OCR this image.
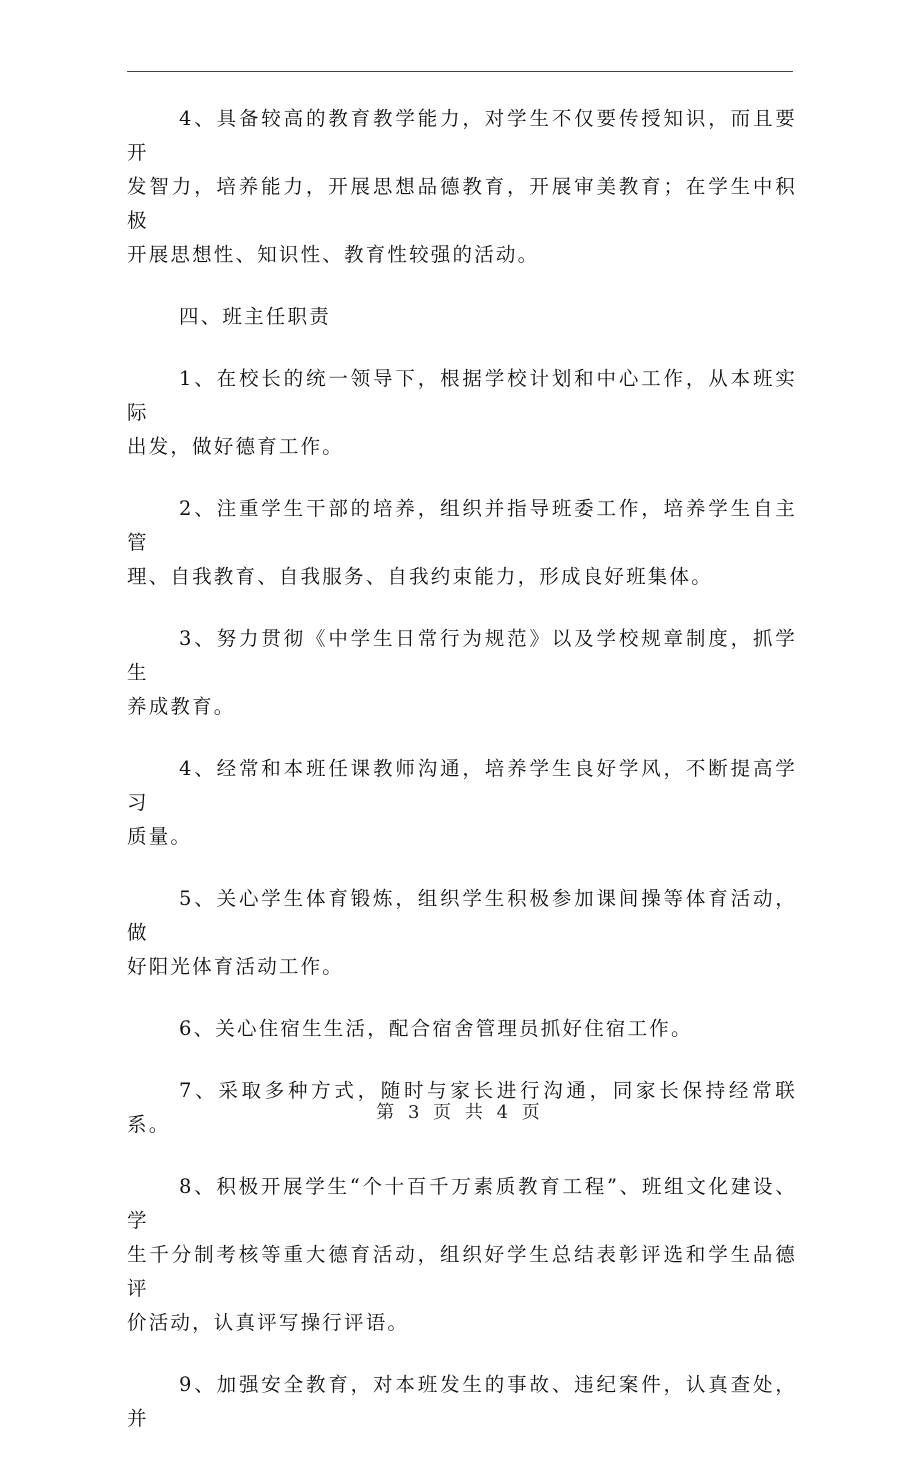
4、具备较高的教育教学能力，对学生不仅要传授知识，而且要开
发智力，培养能力，开展思想品德教育，开展审美教育；在学生中积极
开展思想性、知识性、教育性较强的活动。

四、班主任职责

1、在校长的统一领导下，根据学校计划和中心工作，从本班实际
出发，做好德育工作。

2、注重学生干部的培养，组织并指导班委工作，培养学生自主管
理、自我教育、自我服务、自我约束能力，形成良好班集体。

3、努力贯彻《中学生日常行为规范》以及学校规章制度，抓学生
养成教育。

4、经常和本班任课教师沟通，培养学生良好学风，不断提高学习
质量。

5、关心学生体育锻炼，组织学生积极参加课间操等体育活动，做
好阳光体育活动工作。

6、关心住宿生生活，配合宿舍管理员抓好住宿工作。

7、采取多种方式，随时与家长进行沟通，同家长保持经常联系。

8、积极开展学生“个十百千万素质教育工程”、班组文化建设、学
生千分制考核等重大德育活动，组织好学生总结表彰评选和学生品德评
价活动，认真评写操行评语。

9、加强安全教育，对本班发生的事故、违纪案件，认真查处，并

第 3 页 共 4 页
